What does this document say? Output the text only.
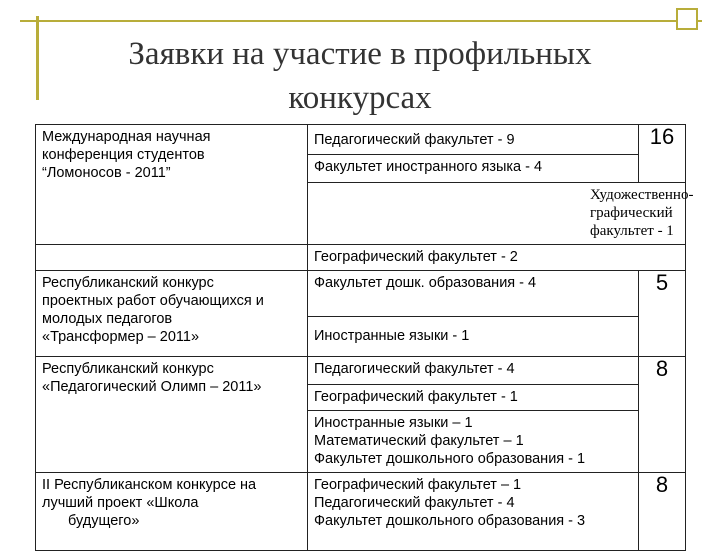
Заявки на участие в профильных
конкурсах
Международная научная
конференция студентов
“Ломоносов - 2011”	Педагогический факультет - 9	16
	Факультет иностранного языка - 4	
	Художественно-графический факультет - 1	
	Географический факультет - 2	

Республиканский конкурс
проектных работ обучающихся и
молодых педагогов
«Трансформер – 2011»	Факультет дошк. образования - 4	5
	Иностранные языки - 1	

Республиканский конкурс
«Педагогический Олимп – 2011»	Педагогический факультет - 4	8
	Географический факультет - 1	

	Иностранные языки – 1
Математический факультет – 1
Факультет дошкольного образования - 1	

II Республиканском конкурсе на
лучший проект «Школа
будущего»	Географический факультет – 1
Педагогический факультет - 4
Факультет дошкольного образования - 3	8
